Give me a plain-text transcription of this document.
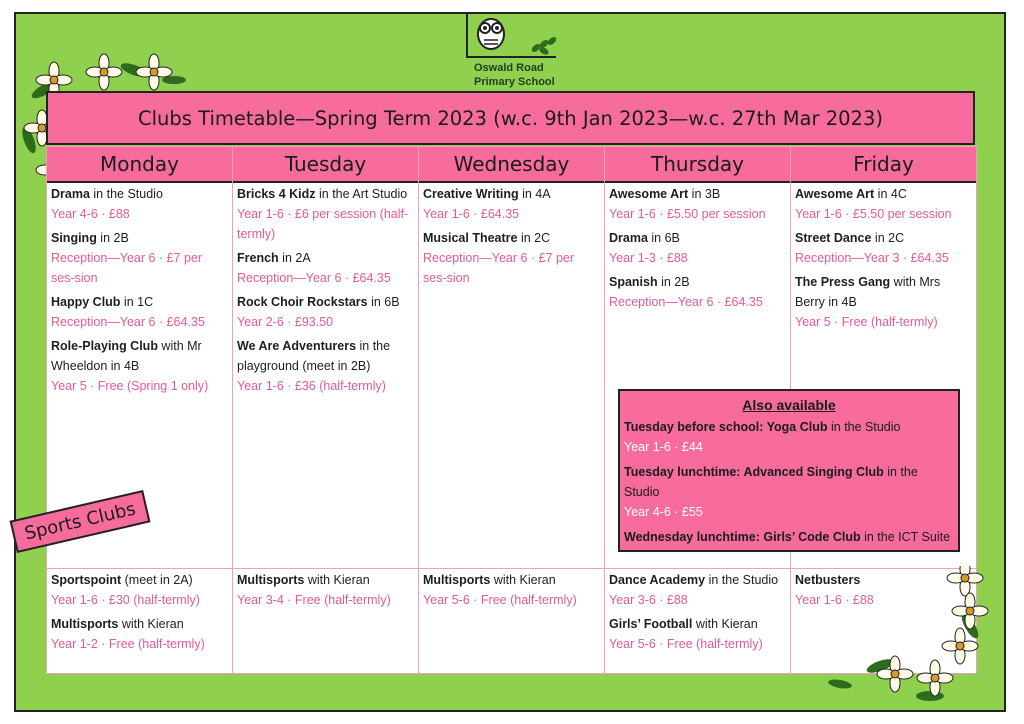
Oswald Road
Primary School
Clubs Timetable—Spring Term 2023 (w.c. 9th Jan 2023—w.c. 27th Mar 2023)
Monday
Drama in the Studio
Year 4-6 · £88
Singing in 2B
Reception—Year 6 · £7 per ses-sion
Happy Club in 1C
Reception—Year 6 · £64.35
Role-Playing Club with Mr Wheeldon in 4B
Year 5 · Free (Spring 1 only)
Sportspoint (meet in 2A)
Year 1-6 · £30 (half-termly)
Multisports with Kieran
Year 1-2 · Free (half-termly)
Tuesday
Bricks 4 Kidz in the Art Studio
Year 1-6 · £6 per session (half-termly)
French in 2A
Reception—Year 6 · £64.35
Rock Choir Rockstars in 6B
Year 2-6 · £93.50
We Are Adventurers in the playground (meet in 2B)
Year 1-6 · £36 (half-termly)
Multisports with Kieran
Year 3-4 · Free (half-termly)
Wednesday
Creative Writing in 4A
Year 1-6 · £64.35
Musical Theatre in 2C
Reception—Year 6 · £7 per ses-sion
Multisports with Kieran
Year 5-6 · Free (half-termly)
Thursday
Awesome Art in 3B
Year 1-6 · £5.50 per session
Drama in 6B
Year 1-3 · £88
Spanish in 2B
Reception—Year 6 · £64.35
Dance Academy in the Studio
Year 3-6 · £88
Girls’ Football with Kieran
Year 5-6 · Free (half-termly)
Friday
Awesome Art in 4C
Year 1-6 · £5.50 per session
Street Dance in 2C
Reception—Year 3 · £64.35
The Press Gang with Mrs Berry in 4B
Year 5 · Free (half-termly)
Netbusters
Year 1-6 · £88
Also available
Tuesday before school: Yoga Club in the Studio
Year 1-6 · £44
Tuesday lunchtime: Advanced Singing Club in the Studio
Year 4-6 · £55
Wednesday lunchtime: Girls’ Code Club in the ICT Suite
Year 6 · Free
Sports Clubs
